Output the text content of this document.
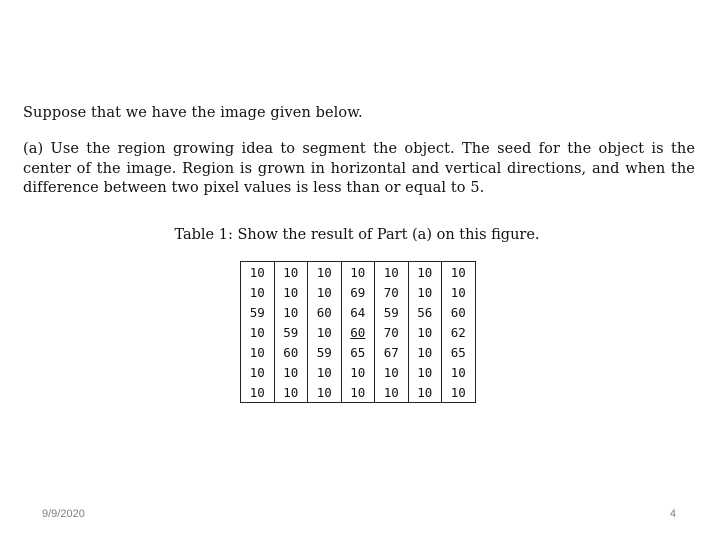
Suppose that we have the image given below.

(a) Use the region growing idea to segment the object. The seed for the object is the center of the image. Region is grown in horizontal and vertical directions, and when the difference between two pixel values is less than or equal to 5.

Table 1: Show the result of Part (a) on this figure.
10	10	10	10	10	10	10
10	10	10	69	70	10	10
59	10	60	64	59	56	60
10	59	10	60	70	10	62
10	60	59	65	67	10	65
10	10	10	10	10	10	10
10	10	10	10	10	10	10
9/9/2020	4
